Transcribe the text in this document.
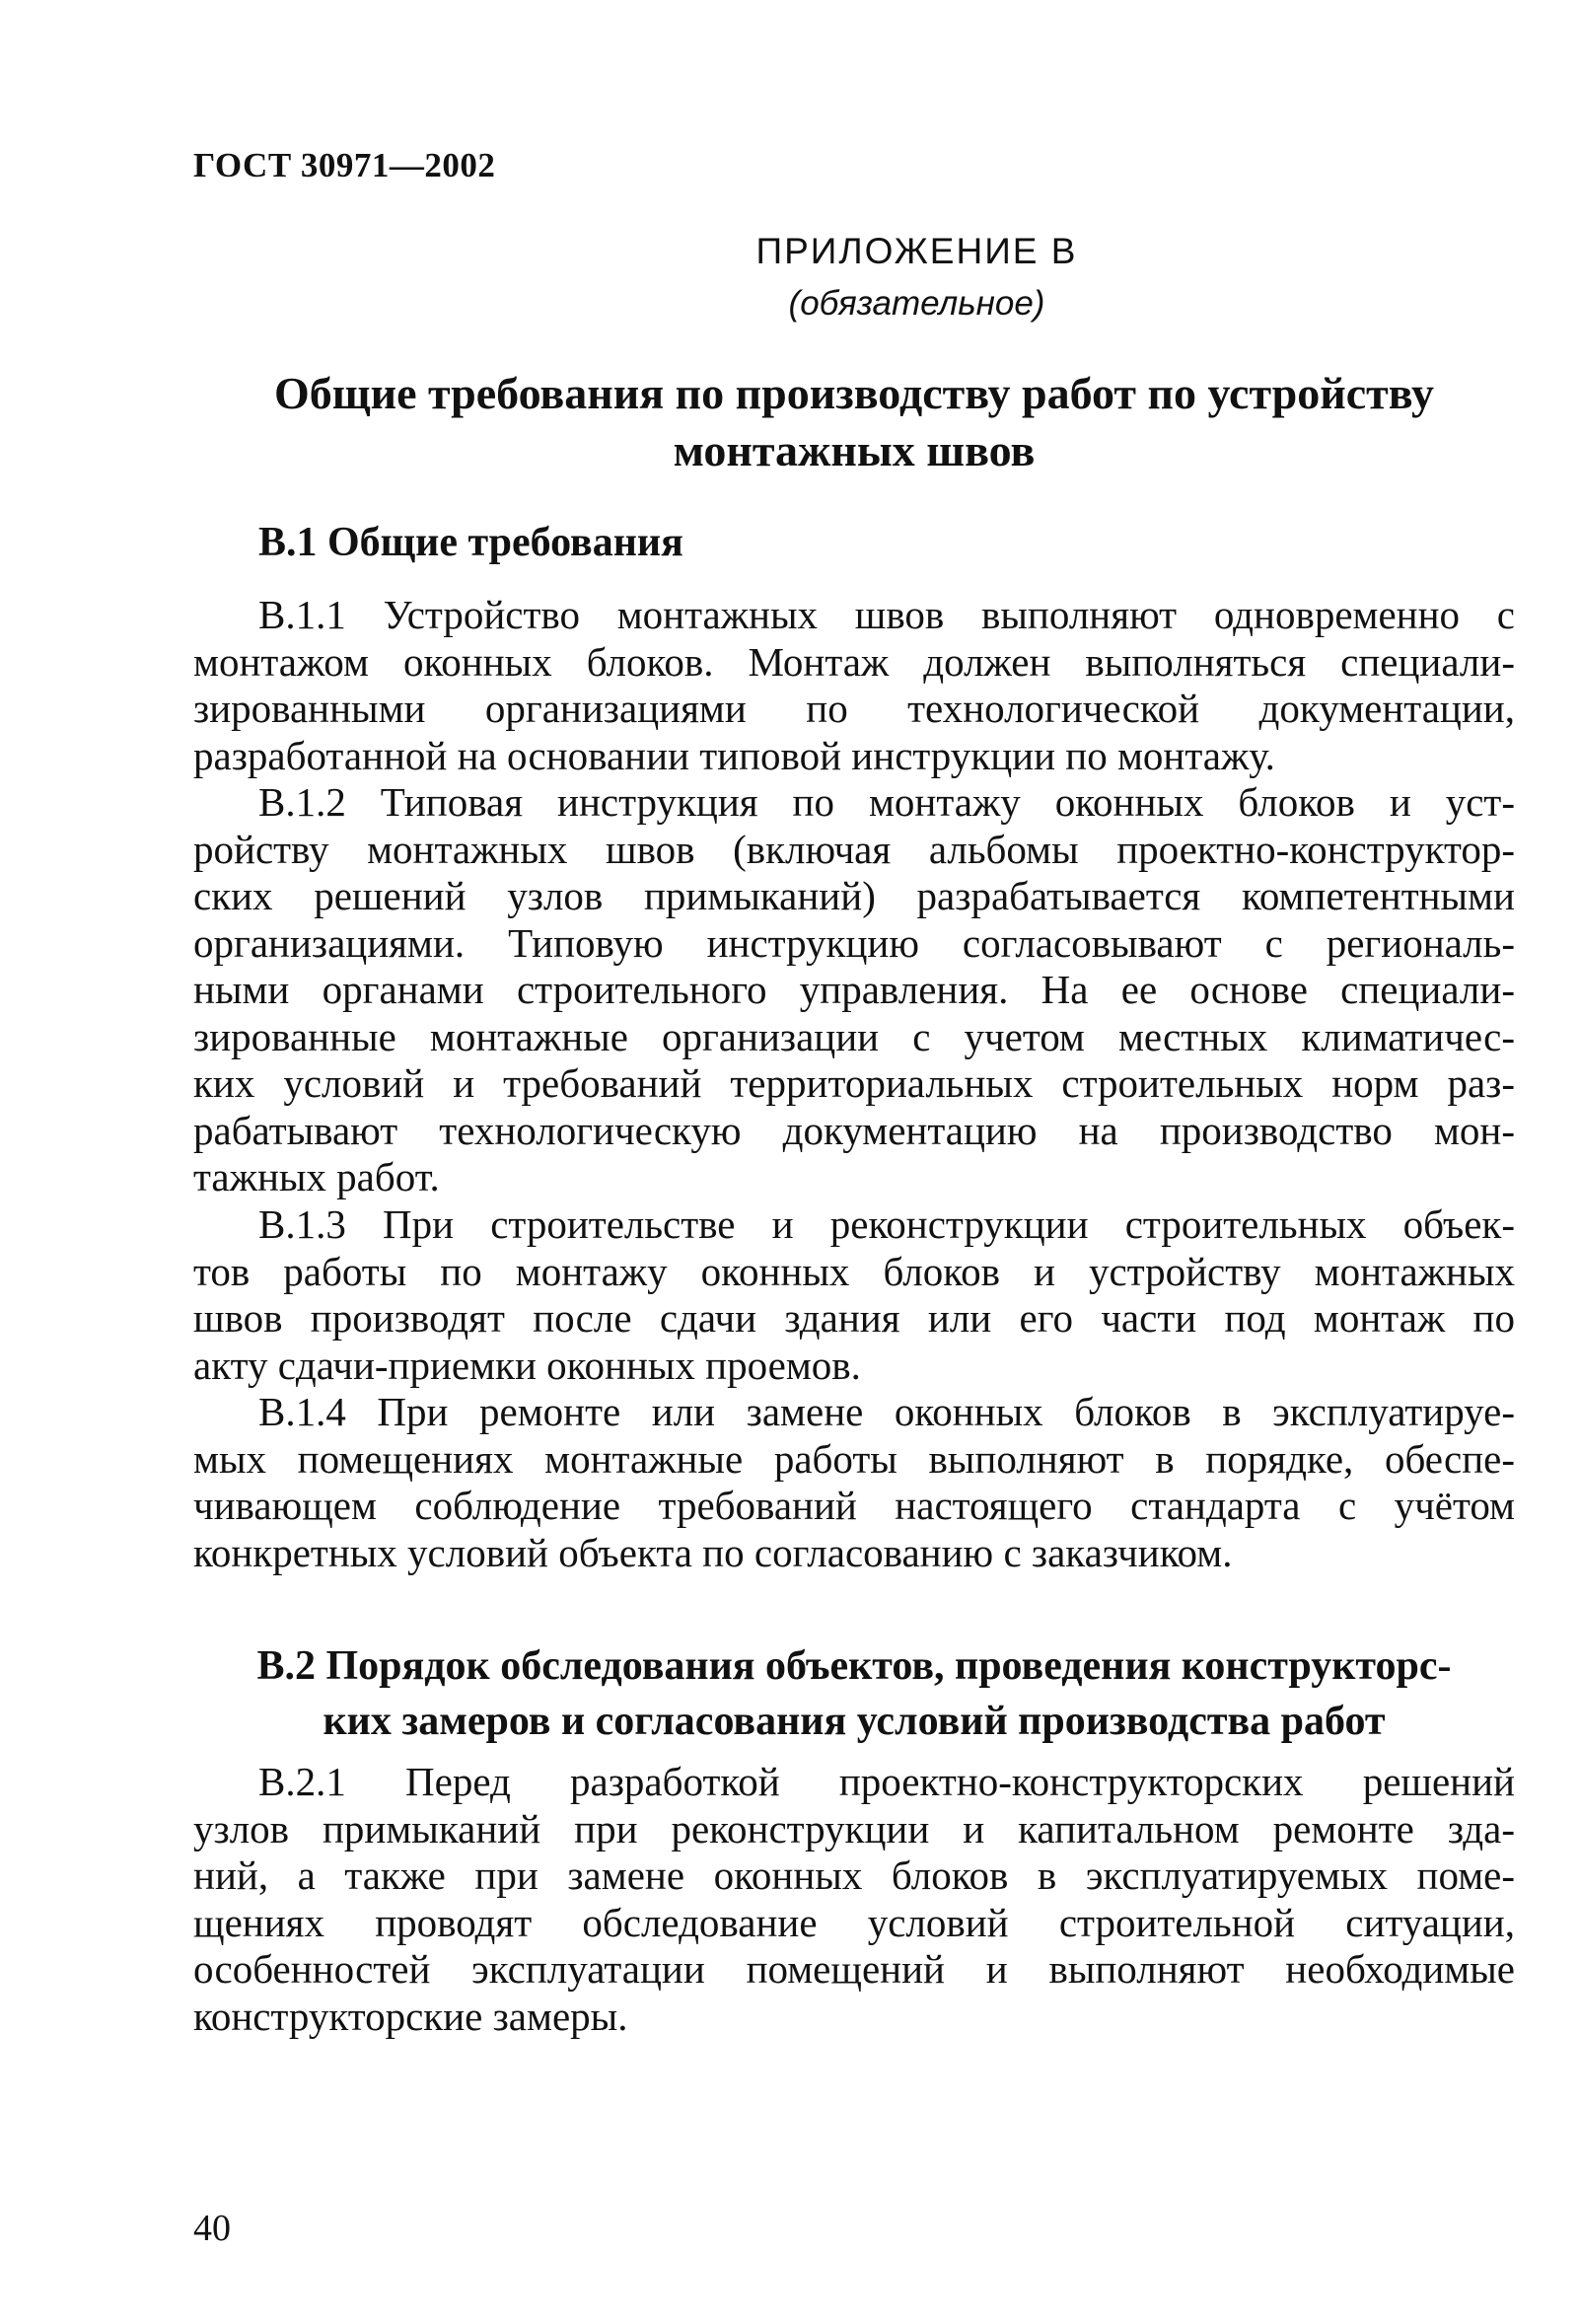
ГОСТ 30971—2002
ПРИЛОЖЕНИЕ В
(обязательное)
Общие требования по производству работ по устройству
монтажных швов
В.1 Общие требования
В.1.1 Устройство монтажных швов выполняют одновременно с
монтажом оконных блоков. Монтаж должен выполняться специали-
зированными организациями по технологической документации,
разработанной на основании типовой инструкции по монтажу.
В.1.2 Типовая инструкция по монтажу оконных блоков и уст-
ройству монтажных швов (включая альбомы проектно-конструктор-
ских решений узлов примыканий) разрабатывается компетентными
организациями. Типовую инструкцию согласовывают с региональ-
ными органами строительного управления. На ее основе специали-
зированные монтажные организации с учетом местных климатичес-
ких условий и требований территориальных строительных норм раз-
рабатывают технологическую документацию на производство мон-
тажных работ.
В.1.3 При строительстве и реконструкции строительных объек-
тов работы по монтажу оконных блоков и устройству монтажных
швов производят после сдачи здания или его части под монтаж по
акту сдачи-приемки оконных проемов.
В.1.4 При ремонте или замене оконных блоков в эксплуатируе-
мых помещениях монтажные работы выполняют в порядке, обеспе-
чивающем соблюдение требований настоящего стандарта с учётом
конкретных условий объекта по согласованию с заказчиком.
В.2 Порядок обследования объектов, проведения конструкторс-
ких замеров и согласования условий производства работ
В.2.1 Перед разработкой проектно-конструкторских решений
узлов примыканий при реконструкции и капитальном ремонте зда-
ний, а также при замене оконных блоков в эксплуатируемых поме-
щениях проводят обследование условий строительной ситуации,
особенностей эксплуатации помещений и выполняют необходимые
конструкторские замеры.
40
